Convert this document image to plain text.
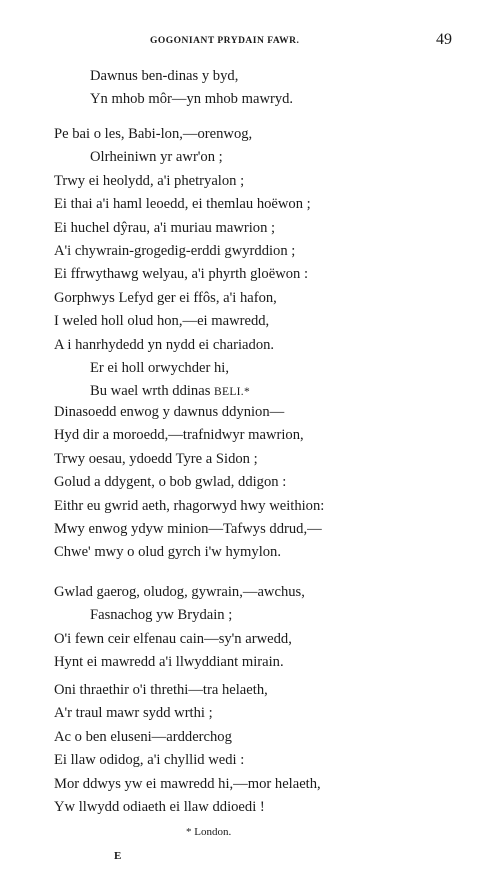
GOGONIANT PRYDAIN FAWR.	49
Dawnus ben-dinas y byd,
Yn mhob môr—yn mhob mawryd.
Pe bai o les, Babi-lon,—orenwog,
Olrheiniwn yr awr'on ;
Trwy ei heolydd, a'i phetryalon ;
Ei thai a'i haml leoedd, ei themlau hoëwon ;
Ei huchel dŷrau, a'i muriau mawrion ;
A'i chywrain-grogedig-erddi gwyrddion ;
Ei ffrwythawg welyau, a'i phyrth gloëwon :
Gorphwys Lefyd ger ei ffôs, a'i hafon,
I weled holl olud hon,—ei mawredd,
A i hanrhydedd yn nydd ei chariadon.
Er ei holl orwychder hi,
Bu wael wrth ddinas BELI.*
Dinasoedd enwog y dawnus ddynion—
Hyd dir a moroedd,—trafnidwyr mawrion,
Trwy oesau, ydoedd Tyre a Sidon ;
Golud a ddygent, o bob gwlad, ddigon :
Eithr eu gwrid aeth, rhagorwyd hwy weithion:
Mwy enwog ydyw minion—Tafwys ddrud,—
Chwe' mwy o olud gyrch i'w hymylon.
Gwlad gaerog, oludog, gywrain,—awchus,
Fasnachog yw Brydain ;
O'i fewn ceir elfenau cain—sy'n arwedd,
Hynt ei mawredd a'i llwyddiant mirain.
Oni thraethir o'i threthi—tra helaeth,
A'r traul mawr sydd wrthi ;
Ac o ben eluseni—ardderchog
Ei llaw odidog, a'i chyllid wedi :
Mor ddwys yw ei mawredd hi,—mor helaeth,
Yw llwydd odiaeth ei llaw ddioedi !
* London.
E
